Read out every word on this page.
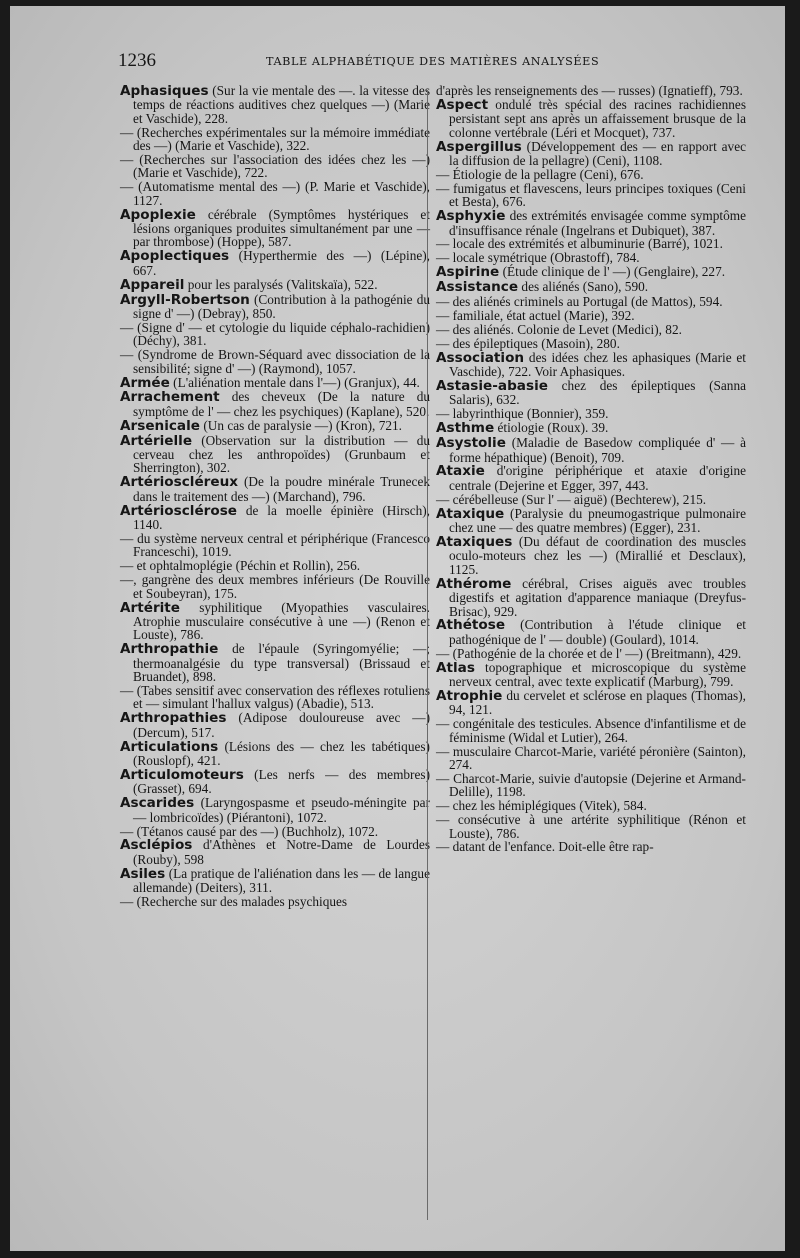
1236	TABLE ALPHABÉTIQUE DES MATIÈRES ANALYSÉES

Aphasiques (Sur la vie mentale des —. la vitesse des temps de réactions auditives chez quelques —) (Marie et Vaschide), 228.

— (Recherches expérimentales sur la mémoire immédiate des —) (Marie et Vaschide), 322.

— (Recherches sur l'association des idées chez les —) (Marie et Vaschide), 722.

— (Automatisme mental des —) (P. Marie et Vaschide), 1127.

Apoplexie cérébrale (Symptômes hystériques et lésions organiques produites simultanément par une — par thrombose) (Hoppe), 587.

Apoplectiques (Hyperthermie des —) (Lépine), 667.

Appareil pour les paralysés (Valitskaïa), 522.

Argyll-Robertson (Contribution à la pathogénie du signe d' —) (Debray), 850.

— (Signe d' — et cytologie du liquide céphalo-rachidien) (Déchy), 381.

— (Syndrome de Brown-Séquard avec dissociation de la sensibilité; signe d' —) (Raymond), 1057.

Armée (L'aliénation mentale dans l'—) (Granjux), 44.

Arrachement des cheveux (De la nature du symptôme de l' — chez les psychiques) (Kaplane), 520.

Arsenicale (Un cas de paralysie —) (Kron), 721.

Artérielle (Observation sur la distribution — du cerveau chez les anthropoïdes) (Grunbaum et Sherrington), 302.

Artérioscléreux (De la poudre minérale Trunecek dans le traitement des —) (Marchand), 796.

Artériosclérose de la moelle épinière (Hirsch), 1140.

— du système nerveux central et périphérique (Francesco Franceschi), 1019.

— et ophtalmoplégie (Péchin et Rollin), 256.

—, gangrène des deux membres inférieurs (De Rouville et Soubeyran), 175.

Artérite syphilitique (Myopathies vasculaires. Atrophie musculaire consécutive à une —) (Renon et Louste), 786.

Arthropathie de l'épaule (Syringomyélie; —; thermoanalgésie du type transversal) (Brissaud et Bruandet), 898.

— (Tabes sensitif avec conservation des réflexes rotuliens et — simulant l'hallux valgus) (Abadie), 513.

Arthropathies (Adipose douloureuse avec —) (Dercum), 517.

Articulations (Lésions des — chez les tabétiques) (Rouslopf), 421.

Articulomoteurs (Les nerfs — des membres) (Grasset), 694.

Ascarides (Laryngospasme et pseudo-méningite par — lombricoïdes) (Piérantoni), 1072.

— (Tétanos causé par des —) (Buchholz), 1072.

Asclépios d'Athènes et Notre-Dame de Lourdes (Rouby), 598

Asiles (La pratique de l'aliénation dans les — de langue allemande) (Deiters), 311.

— (Recherche sur des malades psychiques

d'après les renseignements des — russes) (Ignatieff), 793.

Aspect ondulé très spécial des racines rachidiennes persistant sept ans après un affaissement brusque de la colonne vertébrale (Léri et Mocquet), 737.

Aspergillus (Développement des — en rapport avec la diffusion de la pellagre) (Ceni), 1108.

— Étiologie de la pellagre (Ceni), 676.

— fumigatus et flavescens, leurs principes toxiques (Ceni et Besta), 676.

Asphyxie des extrémités envisagée comme symptôme d'insuffisance rénale (Ingelrans et Dubiquet), 387.

— locale des extrémités et albuminurie (Barré), 1021.

— locale symétrique (Obrastoff), 784.

Aspirine (Étude clinique de l' —) (Genglaire), 227.

Assistance des aliénés (Sano), 590.

— des aliénés criminels au Portugal (de Mattos), 594.

— familiale, état actuel (Marie), 392.

— des aliénés. Colonie de Levet (Medici), 82.

— des épileptiques (Masoin), 280.

Association des idées chez les aphasiques (Marie et Vaschide), 722. Voir Aphasiques.

Astasie-abasie chez des épileptiques (Sanna Salaris), 632.

— labyrinthique (Bonnier), 359.

Asthme étiologie (Roux). 39.

Asystolie (Maladie de Basedow compliquée d' — à forme hépathique) (Benoit), 709.

Ataxie d'origine périphérique et ataxie d'origine centrale (Dejerine et Egger, 397, 443.

— cérébelleuse (Sur l' — aiguë) (Bechterew), 215.

Ataxique (Paralysie du pneumogastrique pulmonaire chez une — des quatre membres) (Egger), 231.

Ataxiques (Du défaut de coordination des muscles oculo-moteurs chez les —) (Mirallié et Desclaux), 1125.

Athérome cérébral, Crises aiguës avec troubles digestifs et agitation d'apparence maniaque (Dreyfus-Brisac), 929.

Athétose (Contribution à l'étude clinique et pathogénique de l' — double) (Goulard), 1014.

— (Pathogénie de la chorée et de l' —) (Breitmann), 429.

Atlas topographique et microscopique du système nerveux central, avec texte explicatif (Marburg), 799.

Atrophie du cervelet et sclérose en plaques (Thomas), 94, 121.

— congénitale des testicules. Absence d'infantilisme et de féminisme (Widal et Lutier), 264.

— musculaire Charcot-Marie, variété péronière (Sainton), 274.

— Charcot-Marie, suivie d'autopsie (Dejerine et Armand-Delille), 1198.

— chez les hémiplégiques (Vitek), 584.

— consécutive à une artérite syphilitique (Rénon et Louste), 786.

— datant de l'enfance. Doit-elle être rap-
